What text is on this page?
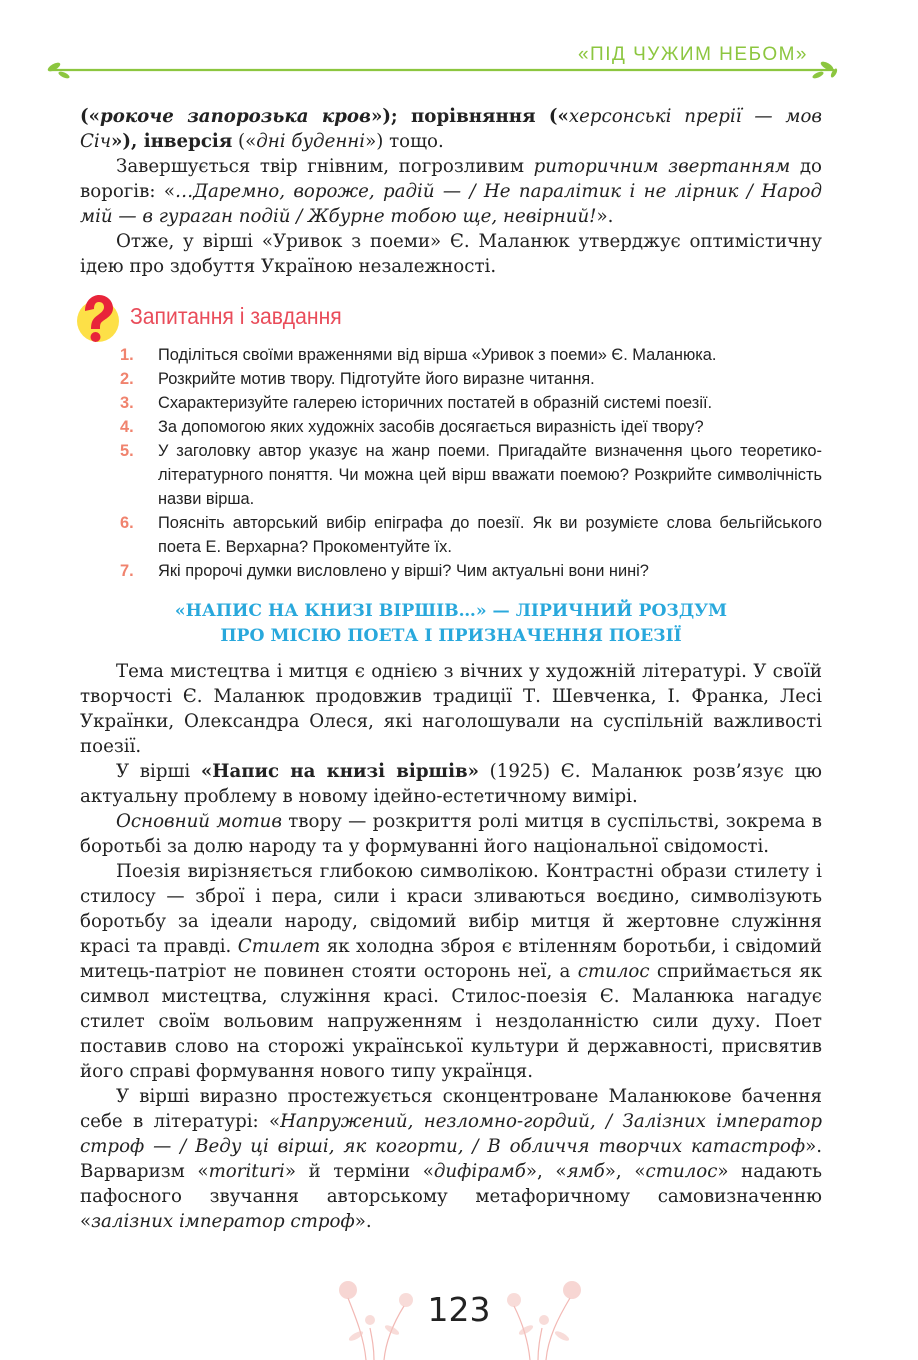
«ПІД ЧУЖИМ НЕБОМ»

(«рокоче запорозька кров»); порівняння («херсонські прерії — мов Січ»), інверсія («дні буденні») тощо.

Завершується твір гнівним, погрозливим риторичним звертанням до ворогів: «…Даремно, вороже, радій — / Не паралітик і не лірник / Народ мій — в гураган подій / Жбурне тобою ще, невірний!».

Отже, у вірші «Уривок з поеми» Є. Маланюк утверджує оптимістичну ідею про здобуття Україною незалежності.

Запитання і завдання
1.	Поділіться своїми враженнями від вірша «Уривок з поеми» Є. Маланюка.
2.	Розкрийте мотив твору. Підготуйте його виразне читання.
3.	Схарактеризуйте галерею історичних постатей в образній системі поезії.
4.	За допомогою яких художніх засобів досягається виразність ідеї твору?
5.	У заголовку автор указує на жанр поеми. Пригадайте визначення цього теоретико-літературного поняття. Чи можна цей вірш вважати поемою? Розкрийте символічність назви вірша.
6.	Поясніть авторський вибір епіграфа до поезії. Як ви розумієте слова бельгійського поета Е. Верхарна? Прокоментуйте їх.
7.	Які пророчі думки висловлено у вірші? Чим актуальні вони нині?
«НАПИС НА КНИЗІ ВІРШІВ…» — ЛІРИЧНИЙ РОЗДУМ
ПРО МІСІЮ ПОЕТА І ПРИЗНАЧЕННЯ ПОЕЗІЇ

Тема мистецтва і митця є однією з вічних у художній літературі. У своїй творчості Є. Маланюк продовжив традиції Т. Шевченка, І. Франка, Лесі Українки, Олександра Олеся, які наголошували на суспільній важливості поезії.

У вірші «Напис на книзі віршів» (1925) Є. Маланюк розв’язує цю актуальну проблему в новому ідейно-естетичному вимірі.

Основний мотив твору — розкриття ролі митця в суспільстві, зокрема в боротьбі за долю народу та у формуванні його національної свідомості.

Поезія вирізняється глибокою символікою. Контрастні образи стилету і стилосу — зброї і пера, сили і краси зливаються воєдино, символізують боротьбу за ідеали народу, свідомий вибір митця й жертовне служіння красі та правді. Стилет як холодна зброя є втіленням боротьби, і свідомий митець-патріот не повинен стояти осторонь неї, а стилос сприймається як символ мистецтва, служіння красі. Стилос-поезія Є. Маланюка нагадує стилет своїм вольовим напруженням і нездоланністю сили духу. Поет поставив слово на сторожі української культури й державності, присвятив його справі формування нового типу українця.

У вірші виразно простежується сконцентроване Маланюкове бачення себе в літературі: «Напружений, незломно-гордий, / Залізних імператор строф — / Веду ці вірші, як когорти, / В обличчя творчих катастроф». Варваризм «morituri» й терміни «дифірамб», «ямб», «стилос» надають пафосного звучання авторському метафоричному самовизначенню «залізних імператор строф».

123
